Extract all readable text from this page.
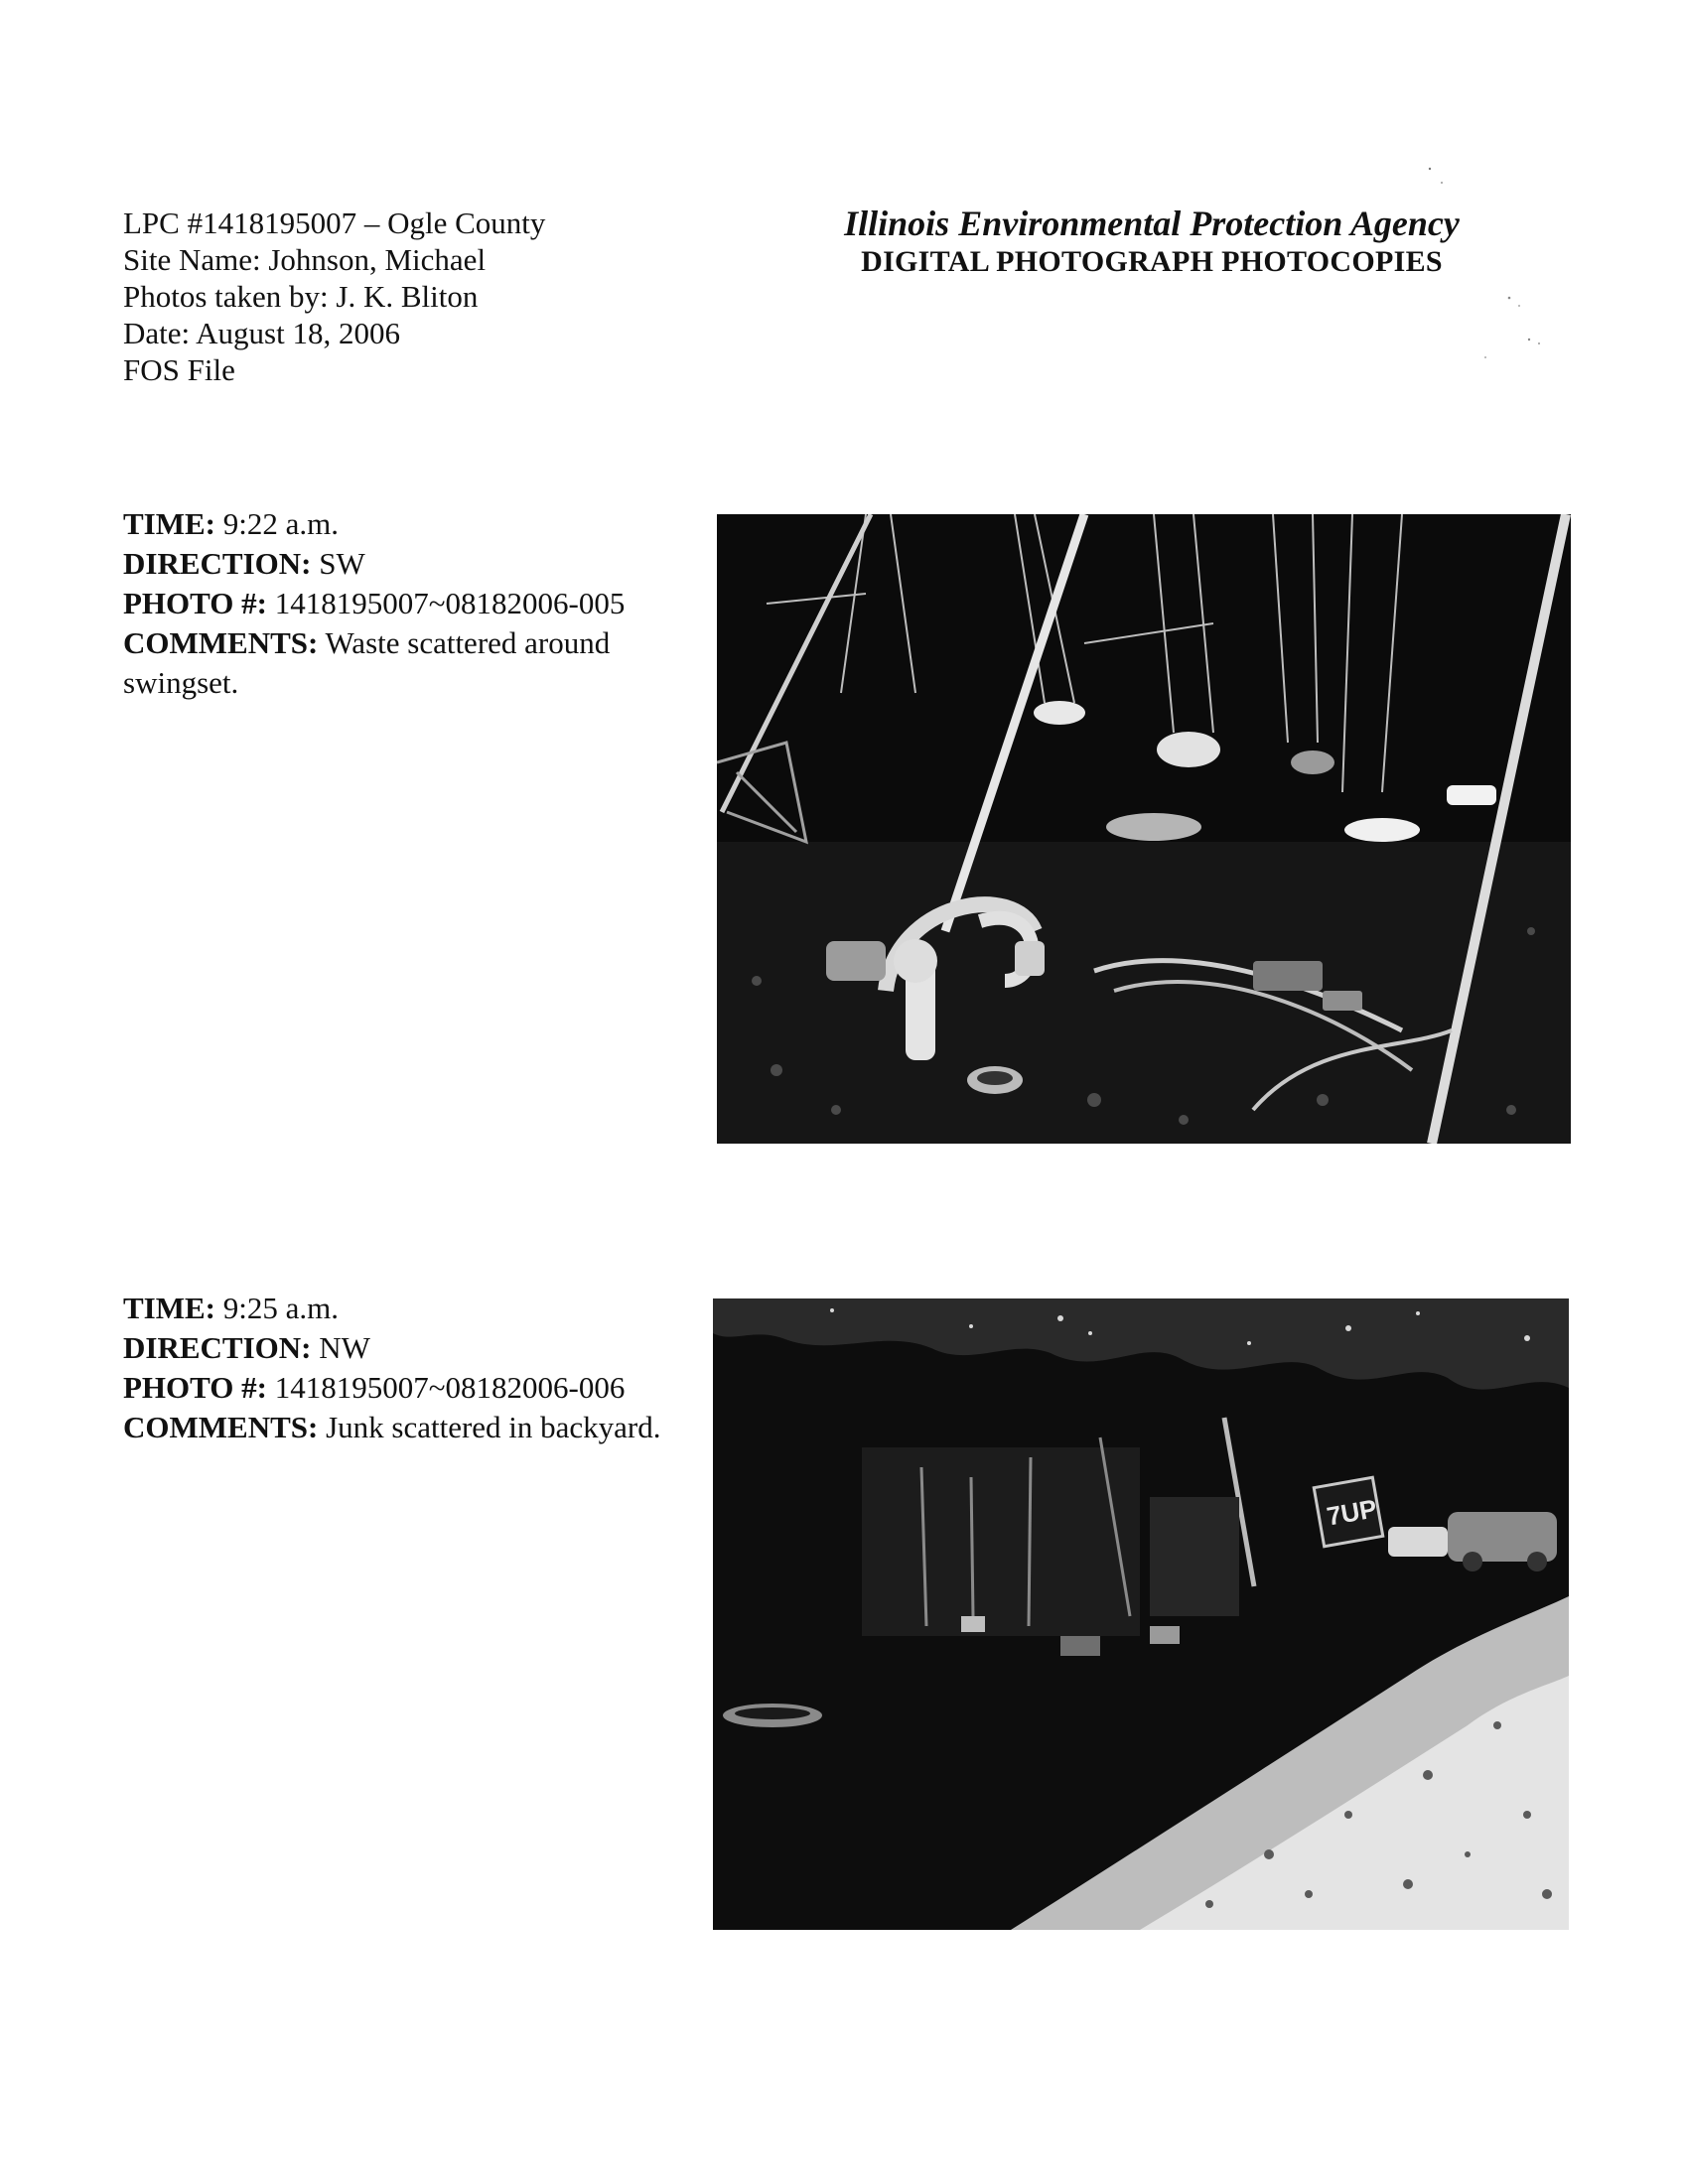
LPC #1418195007 – Ogle County
Site Name: Johnson, Michael
Photos taken by: J. K. Bliton
Date: August 18, 2006
FOS File
Illinois Environmental Protection Agency
DIGITAL PHOTOGRAPH PHOTOCOPIES
TIME: 9:22 a.m.
DIRECTION: SW
PHOTO #: 1418195007~08182006-005
COMMENTS: Waste scattered around swingset.
TIME: 9:25 a.m.
DIRECTION: NW
PHOTO #: 1418195007~08182006-006
COMMENTS: Junk scattered in backyard.
7UP
